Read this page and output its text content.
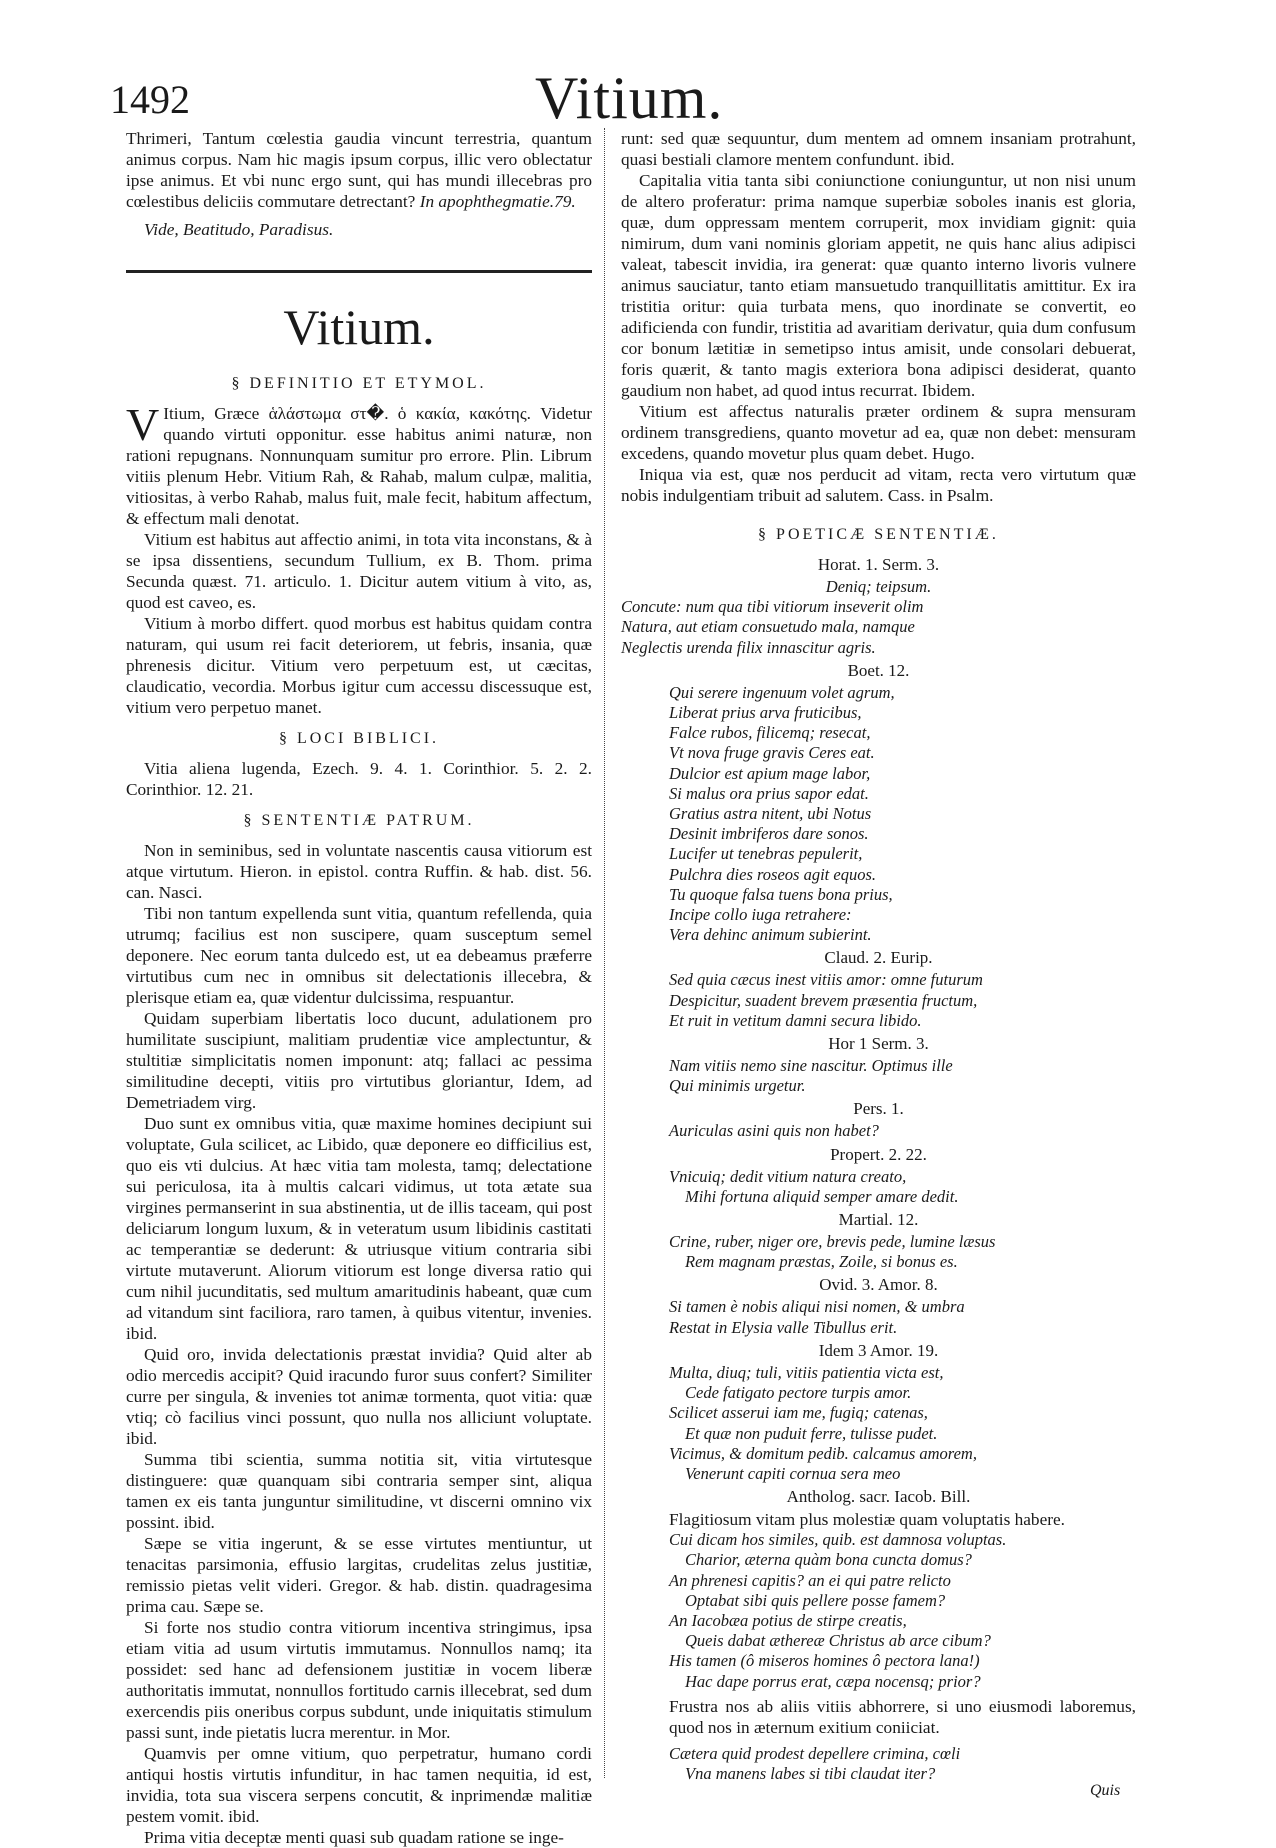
1492	Vitium.

Thrimeri, Tantum cœlestia gaudia vincunt terrestria, quantum animus corpus. Nam hic magis ipsum corpus, illic vero oblectatur ipse animus. Et vbi nunc ergo sunt, qui has mundi illecebras pro cœlestibus deliciis commutare detrectant? In apophthegmatie.79.

Vide, Beatitudo, Paradisus.

Vitium.
§ DEFINITIO ET ETYMOL.

V Itium, Græce ἁλάστωμα στ�. ὁ κακία, κακότης. Videtur quando virtuti opponitur. esse habitus animi naturæ, non rationi repugnans. Nonnunquam sumitur pro errore. Plin. Librum vitiis plenum Hebr. Vitium Rah, & Rahab, malum culpæ, malitia, vitiositas, à verbo Rahab, malus fuit, male fecit, habitum affectum, & effectum mali denotat.

Vitium est habitus aut affectio animi, in tota vita inconstans, & à se ipsa dissentiens, secundum Tullium, ex B. Thom. prima Secunda quæst. 71. articulo. 1. Dicitur autem vitium à vito, as, quod est caveo, es.

Vitium à morbo differt. quod morbus est habitus quidam contra naturam, qui usum rei facit deteriorem, ut febris, insania, quæ phrenesis dicitur. Vitium vero perpetuum est, ut cæcitas, claudicatio, vecordia. Morbus igitur cum accessu discessuque est, vitium vero perpetuo manet.

§ LOCI BIBLICI.

Vitia aliena lugenda, Ezech. 9. 4. 1. Corinthior. 5. 2. 2. Corinthior. 12. 21.

§ SENTENTIÆ PATRUM.

Non in seminibus, sed in voluntate nascentis causa vitiorum est atque virtutum. Hieron. in epistol. contra Ruffin. & hab. dist. 56. can. Nasci.

Tibi non tantum expellenda sunt vitia, quantum refellenda, quia utrumq; facilius est non suscipere, quam susceptum semel deponere. Nec eorum tanta dulcedo est, ut ea debeamus præferre virtutibus cum nec in omnibus sit delectationis illecebra, & plerisque etiam ea, quæ videntur dulcissima, respuantur.

Quidam superbiam libertatis loco ducunt, adulationem pro humilitate suscipiunt, malitiam prudentiæ vice amplectuntur, & stultitiæ simplicitatis nomen imponunt: atq; fallaci ac pessima similitudine decepti, vitiis pro virtutibus gloriantur, Idem, ad Demetriadem virg.

Duo sunt ex omnibus vitia, quæ maxime homines decipiunt sui voluptate, Gula scilicet, ac Libido, quæ deponere eo difficilius est, quo eis vti dulcius. At hæc vitia tam molesta, tamq; delectatione sui periculosa, ita à multis calcari vidimus, ut tota ætate sua virgines permanserint in sua abstinentia, ut de illis taceam, qui post deliciarum longum luxum, & in veteratum usum libidinis castitati ac temperantiæ se dederunt: & utriusque vitium contraria sibi virtute mutaverunt. Aliorum vitiorum est longe diversa ratio qui cum nihil jucunditatis, sed multum amaritudinis habeant, quæ cum ad vitandum sint faciliora, raro tamen, à quibus vitentur, invenies. ibid.

Quid oro, invida delectationis præstat invidia? Quid alter ab odio mercedis accipit? Quid iracundo furor suus confert? Similiter curre per singula, & invenies tot animæ tormenta, quot vitia: quæ vtiq; cò facilius vinci possunt, quo nulla nos alliciunt voluptate. ibid.

Summa tibi scientia, summa notitia sit, vitia virtutesque distinguere: quæ quanquam sibi contraria semper sint, aliqua tamen ex eis tanta junguntur similitudine, vt discerni omnino vix possint. ibid.

Sæpe se vitia ingerunt, & se esse virtutes mentiuntur, ut tenacitas parsimonia, effusio largitas, crudelitas zelus justitiæ, remissio pietas velit videri. Gregor. & hab. distin. quadragesima prima cau. Sæpe se.

Si forte nos studio contra vitiorum incentiva stringimus, ipsa etiam vitia ad usum virtutis immutamus. Nonnullos namq; ita possidet: sed hanc ad defensionem justitiæ in vocem liberæ authoritatis immutat, nonnullos fortitudo carnis illecebrat, sed dum exercendis piis oneribus corpus subdunt, unde iniquitatis stimulum passi sunt, inde pietatis lucra merentur. in Mor.

Quamvis per omne vitium, quo perpetratur, humano cordi antiqui hostis virtutis infunditur, in hac tamen nequitia, id est, invidia, tota sua viscera serpens concutit, & inprimendæ malitiæ pestem vomit. ibid.

Prima vitia deceptæ menti quasi sub quadam ratione se inge-

runt: sed quæ sequuntur, dum mentem ad omnem insaniam protrahunt, quasi bestiali clamore mentem confundunt. ibid.

Capitalia vitia tanta sibi coniunctione coniunguntur, ut non nisi unum de altero proferatur: prima namque superbiæ soboles inanis est gloria, quæ, dum oppressam mentem corruperit, mox invidiam gignit: quia nimirum, dum vani nominis gloriam appetit, ne quis hanc alius adipisci valeat, tabescit invidia, ira generat: quæ quanto interno livoris vulnere animus sauciatur, tanto etiam mansuetudo tranquillitatis amittitur. Ex ira tristitia oritur: quia turbata mens, quo inordinate se convertit, eo adificienda con fundir, tristitia ad avaritiam derivatur, quia dum confusum cor bonum lætitiæ in semetipso intus amisit, unde consolari debuerat, foris quærit, & tanto magis exteriora bona adipisci desiderat, quanto gaudium non habet, ad quod intus recurrat. Ibidem.

Vitium est affectus naturalis præter ordinem & supra mensuram ordinem transgrediens, quanto movetur ad ea, quæ non debet: mensuram excedens, quando movetur plus quam debet. Hugo.

Iniqua via est, quæ nos perducit ad vitam, recta vero virtutum quæ nobis indulgentiam tribuit ad salutem. Cass. in Psalm.

§ POETICÆ SENTENTIÆ.
Horat. 1. Serm. 3.
Deniq; teipsum.
Concute: num qua tibi vitiorum inseverit olim
Natura, aut etiam consuetudo mala, namque
Neglectis urenda filix innascitur agris.
Boet. 12.
Qui serere ingenuum volet agrum,
Liberat prius arva fruticibus,
Falce rubos, filicemq; resecat,
Vt nova fruge gravis Ceres eat.
Dulcior est apium mage labor,
Si malus ora prius sapor edat.
Gratius astra nitent, ubi Notus
Desinit imbriferos dare sonos.
Lucifer ut tenebras pepulerit,
Pulchra dies roseos agit equos.
Tu quoque falsa tuens bona prius,
Incipe collo iuga retrahere:
Vera dehinc animum subierint.
Claud. 2. Eurip.
Sed quia cæcus inest vitiis amor: omne futurum
Despicitur, suadent brevem præsentia fructum,
Et ruit in vetitum damni secura libido.
Hor 1 Serm. 3.
Nam vitiis nemo sine nascitur. Optimus ille
Qui minimis urgetur.
Pers. 1.
Auriculas asini quis non habet?
Propert. 2. 22.
Vnicuiq; dedit vitium natura creato,
Mihi fortuna aliquid semper amare dedit.
Martial. 12.
Crine, ruber, niger ore, brevis pede, lumine læsus
Rem magnam præstas, Zoile, si bonus es.
Ovid. 3. Amor. 8.
Si tamen è nobis aliqui nisi nomen, & umbra
Restat in Elysia valle Tibullus erit.
Idem 3 Amor. 19.
Multa, diuq; tuli, vitiis patientia victa est,
Cede fatigato pectore turpis amor.
Scilicet asserui iam me, fugiq; catenas,
Et quæ non puduit ferre, tulisse pudet.
Vicimus, & domitum pedib. calcamus amorem,
Venerunt capiti cornua sera meo
Antholog. sacr. Iacob. Bill.

Flagitiosum vitam plus molestiæ quam voluptatis habere.

Cui dicam hos similes, quib. est damnosa voluptas.
Charior, æterna quàm bona cuncta domus?
An phrenesi capitis? an ei qui patre relicto
Optabat sibi quis pellere posse famem?
An Iacobæa potius de stirpe creatis,
Queis dabat æthereæ Christus ab arce cibum?
His tamen (ô miseros homines ô pectora lana!)
Hac dape porrus erat, cæpa nocensq; prior?

Frustra nos ab aliis vitiis abhorrere, si uno eiusmodi laboremus, quod nos in æternum exitium coniiciat.

Cætera quid prodest depellere crimina, cœli
Vna manens labes si tibi claudat iter?
Quis
